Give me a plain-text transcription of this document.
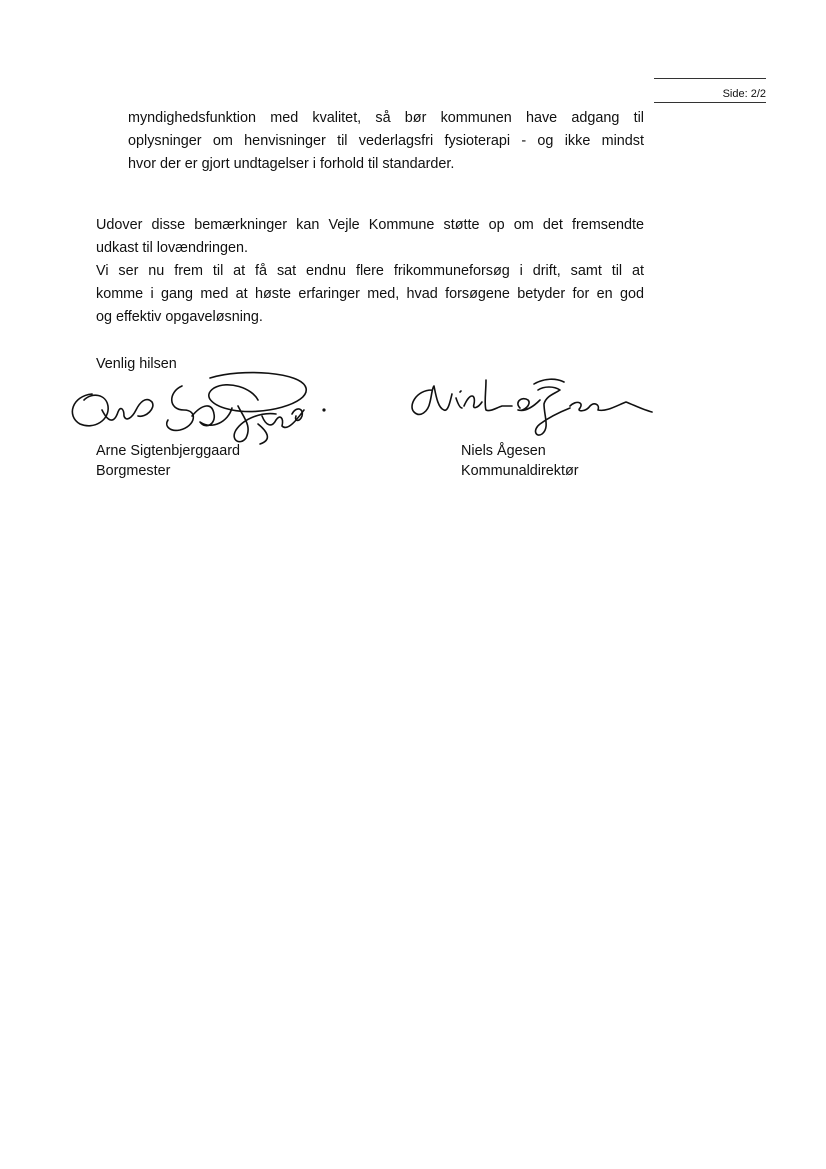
Side: 2/2

myndighedsfunktion med kvalitet, så bør kommunen have adgang til
oplysninger om henvisninger til vederlagsfri fysioterapi - og ikke mindst
hvor der er gjort undtagelser i forhold til standarder.

Udover disse bemærkninger kan Vejle Kommune støtte op om det fremsendte
udkast til lovændringen.
Vi ser nu frem til at få sat endnu flere frikommuneforsøg i drift, samt til at
komme i gang med at høste erfaringer med, hvad forsøgene betyder for en god
og effektiv opgaveløsning.

Venlig hilsen
Arne Sigtenbjerggaard
Borgmester
Niels Ågesen
Kommunaldirektør
